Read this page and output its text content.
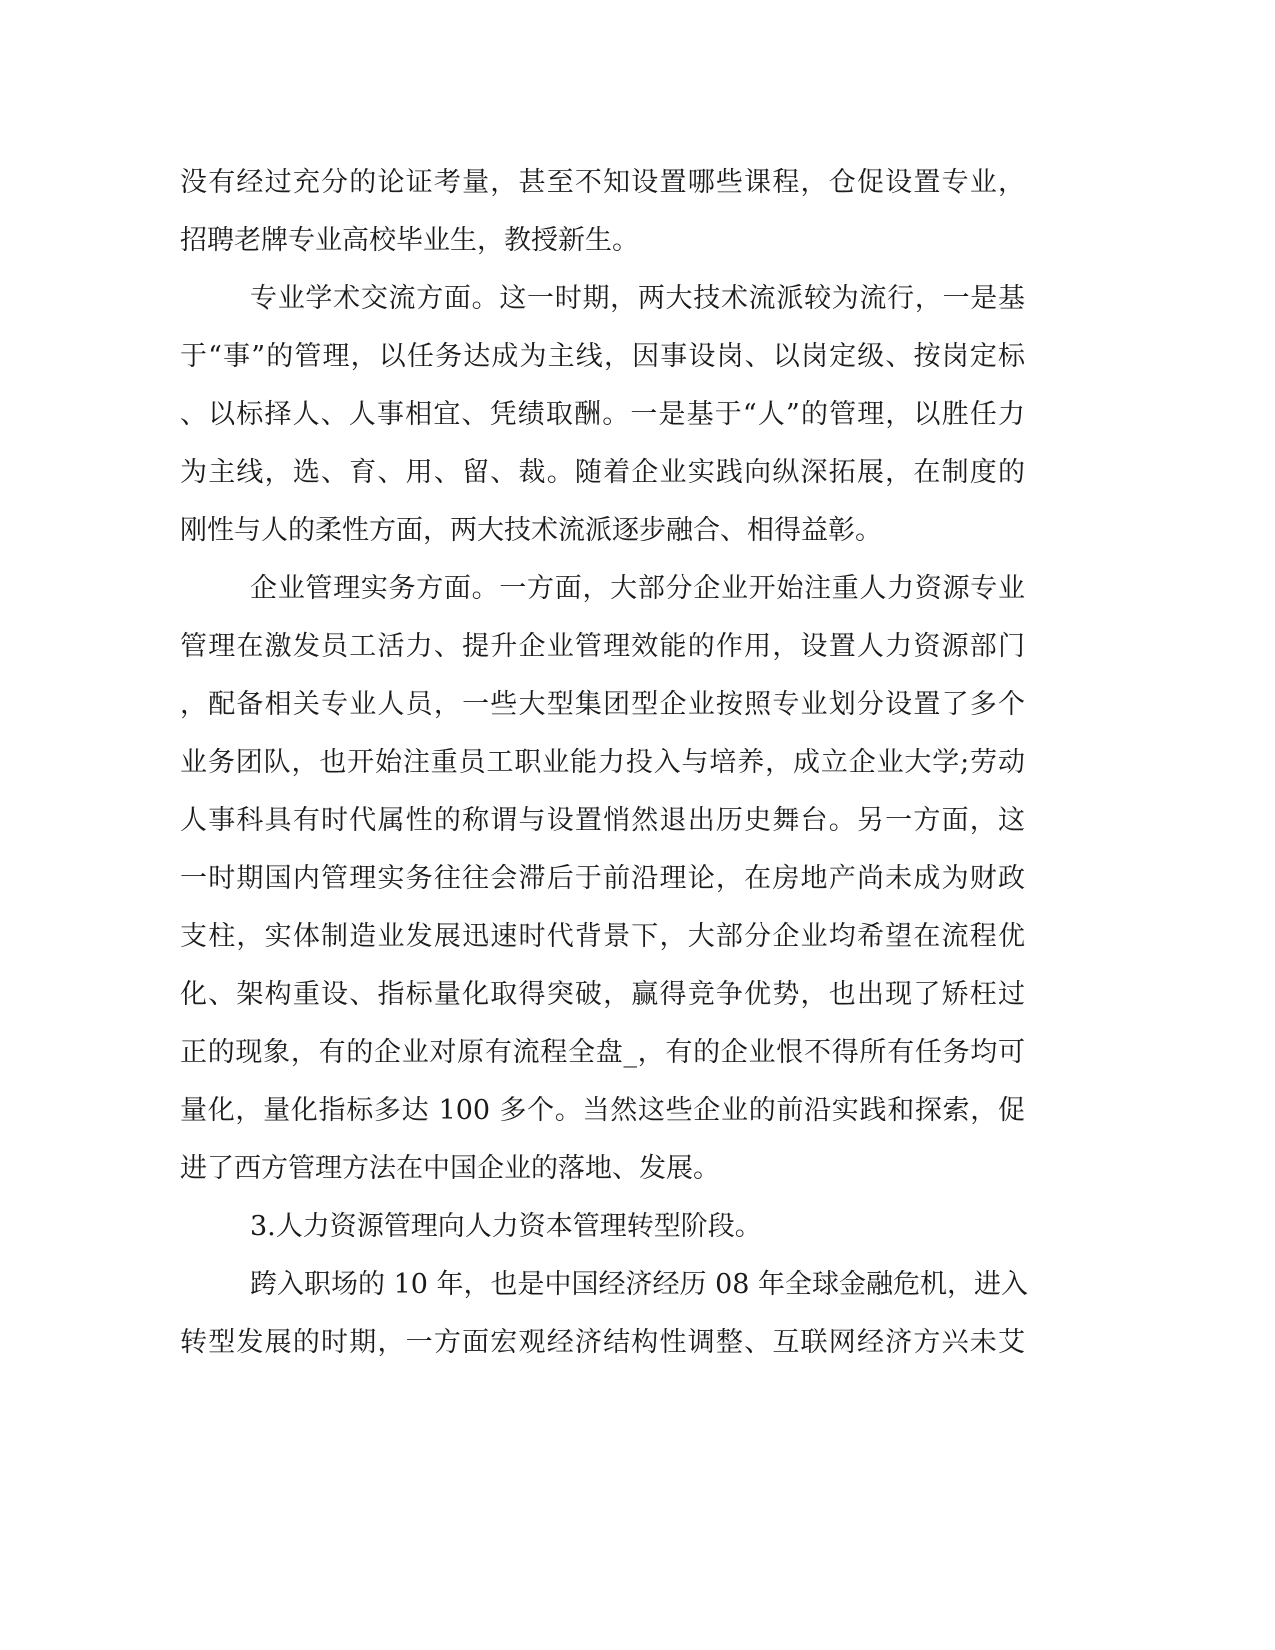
没有经过充分的论证考量，甚至不知设置哪些课程，仓促设置专业，
招聘老牌专业高校毕业生，教授新生。
专业学术交流方面。这一时期，两大技术流派较为流行，一是基
于“事”的管理，以任务达成为主线，因事设岗、以岗定级、按岗定标
、以标择人、人事相宜、凭绩取酬。一是基于“人”的管理，以胜任力
为主线，选、育、用、留、裁。随着企业实践向纵深拓展，在制度的
刚性与人的柔性方面，两大技术流派逐步融合、相得益彰。
企业管理实务方面。一方面，大部分企业开始注重人力资源专业
管理在激发员工活力、提升企业管理效能的作用，设置人力资源部门
，配备相关专业人员，一些大型集团型企业按照专业划分设置了多个
业务团队，也开始注重员工职业能力投入与培养，成立企业大学;劳动
人事科具有时代属性的称谓与设置悄然退出历史舞台。另一方面，这
一时期国内管理实务往往会滞后于前沿理论，在房地产尚未成为财政
支柱，实体制造业发展迅速时代背景下，大部分企业均希望在流程优
化、架构重设、指标量化取得突破，赢得竞争优势，也出现了矫枉过
正的现象，有的企业对原有流程全盘_，有的企业恨不得所有任务均可
量化，量化指标多达 100 多个。当然这些企业的前沿实践和探索，促
进了西方管理方法在中国企业的落地、发展。
3.人力资源管理向人力资本管理转型阶段。
跨入职场的 10 年，也是中国经济经历 08 年全球金融危机，进入
转型发展的时期，一方面宏观经济结构性调整、互联网经济方兴未艾
